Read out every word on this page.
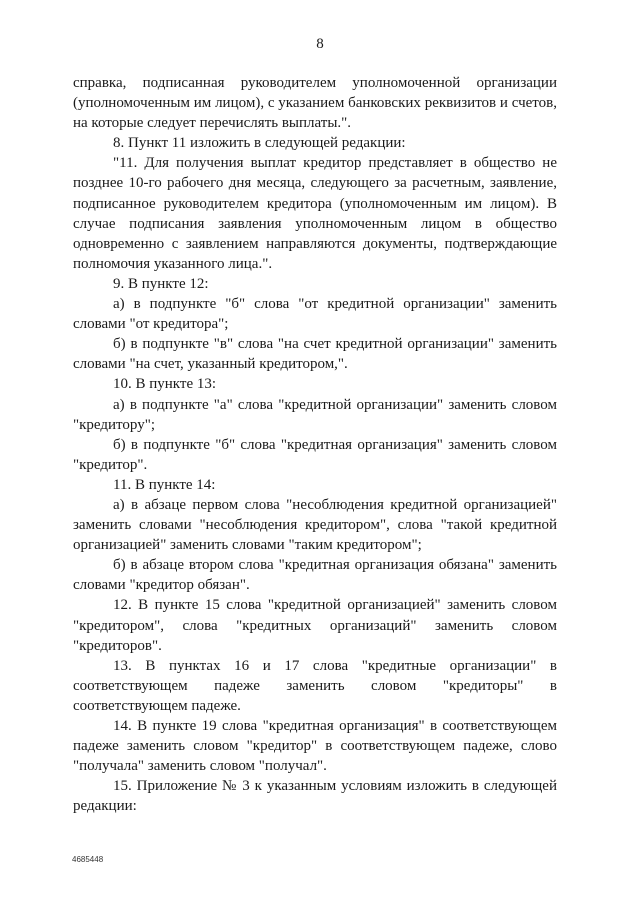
8

справка, подписанная руководителем уполномоченной организации (уполномоченным им лицом), с указанием банковских реквизитов и счетов, на которые следует перечислять выплаты.".

8. Пункт 11 изложить в следующей редакции:

"11. Для получения выплат кредитор представляет в общество не позднее 10-го рабочего дня месяца, следующего за расчетным, заявление, подписанное руководителем кредитора (уполномоченным им лицом). В случае подписания заявления уполномоченным лицом в общество одновременно с заявлением направляются документы, подтверждающие полномочия указанного лица.".

9. В пункте 12:

а) в подпункте "б" слова "от кредитной организации" заменить словами "от кредитора";

б) в подпункте "в" слова "на счет кредитной организации" заменить словами "на счет, указанный кредитором,".

10. В пункте 13:

а) в подпункте "а" слова "кредитной организации" заменить словом "кредитору";

б) в подпункте "б" слова "кредитная организация" заменить словом "кредитор".

11. В пункте 14:

а) в абзаце первом слова "несоблюдения кредитной организацией" заменить словами "несоблюдения кредитором", слова "такой кредитной организацией" заменить словами "таким кредитором";

б) в абзаце втором слова "кредитная организация обязана" заменить словами "кредитор обязан".

12. В пункте 15 слова "кредитной организацией" заменить словом "кредитором", слова "кредитных организаций" заменить словом "кредиторов".

13. В пунктах 16 и 17 слова "кредитные организации" в соответствующем падеже заменить словом "кредиторы" в соответствующем падеже.

14. В пункте 19 слова "кредитная организация" в соответствующем падеже заменить словом "кредитор" в соответствующем падеже, слово "получала" заменить словом "получал".

15. Приложение № 3 к указанным условиям изложить в следующей редакции:

4685448
